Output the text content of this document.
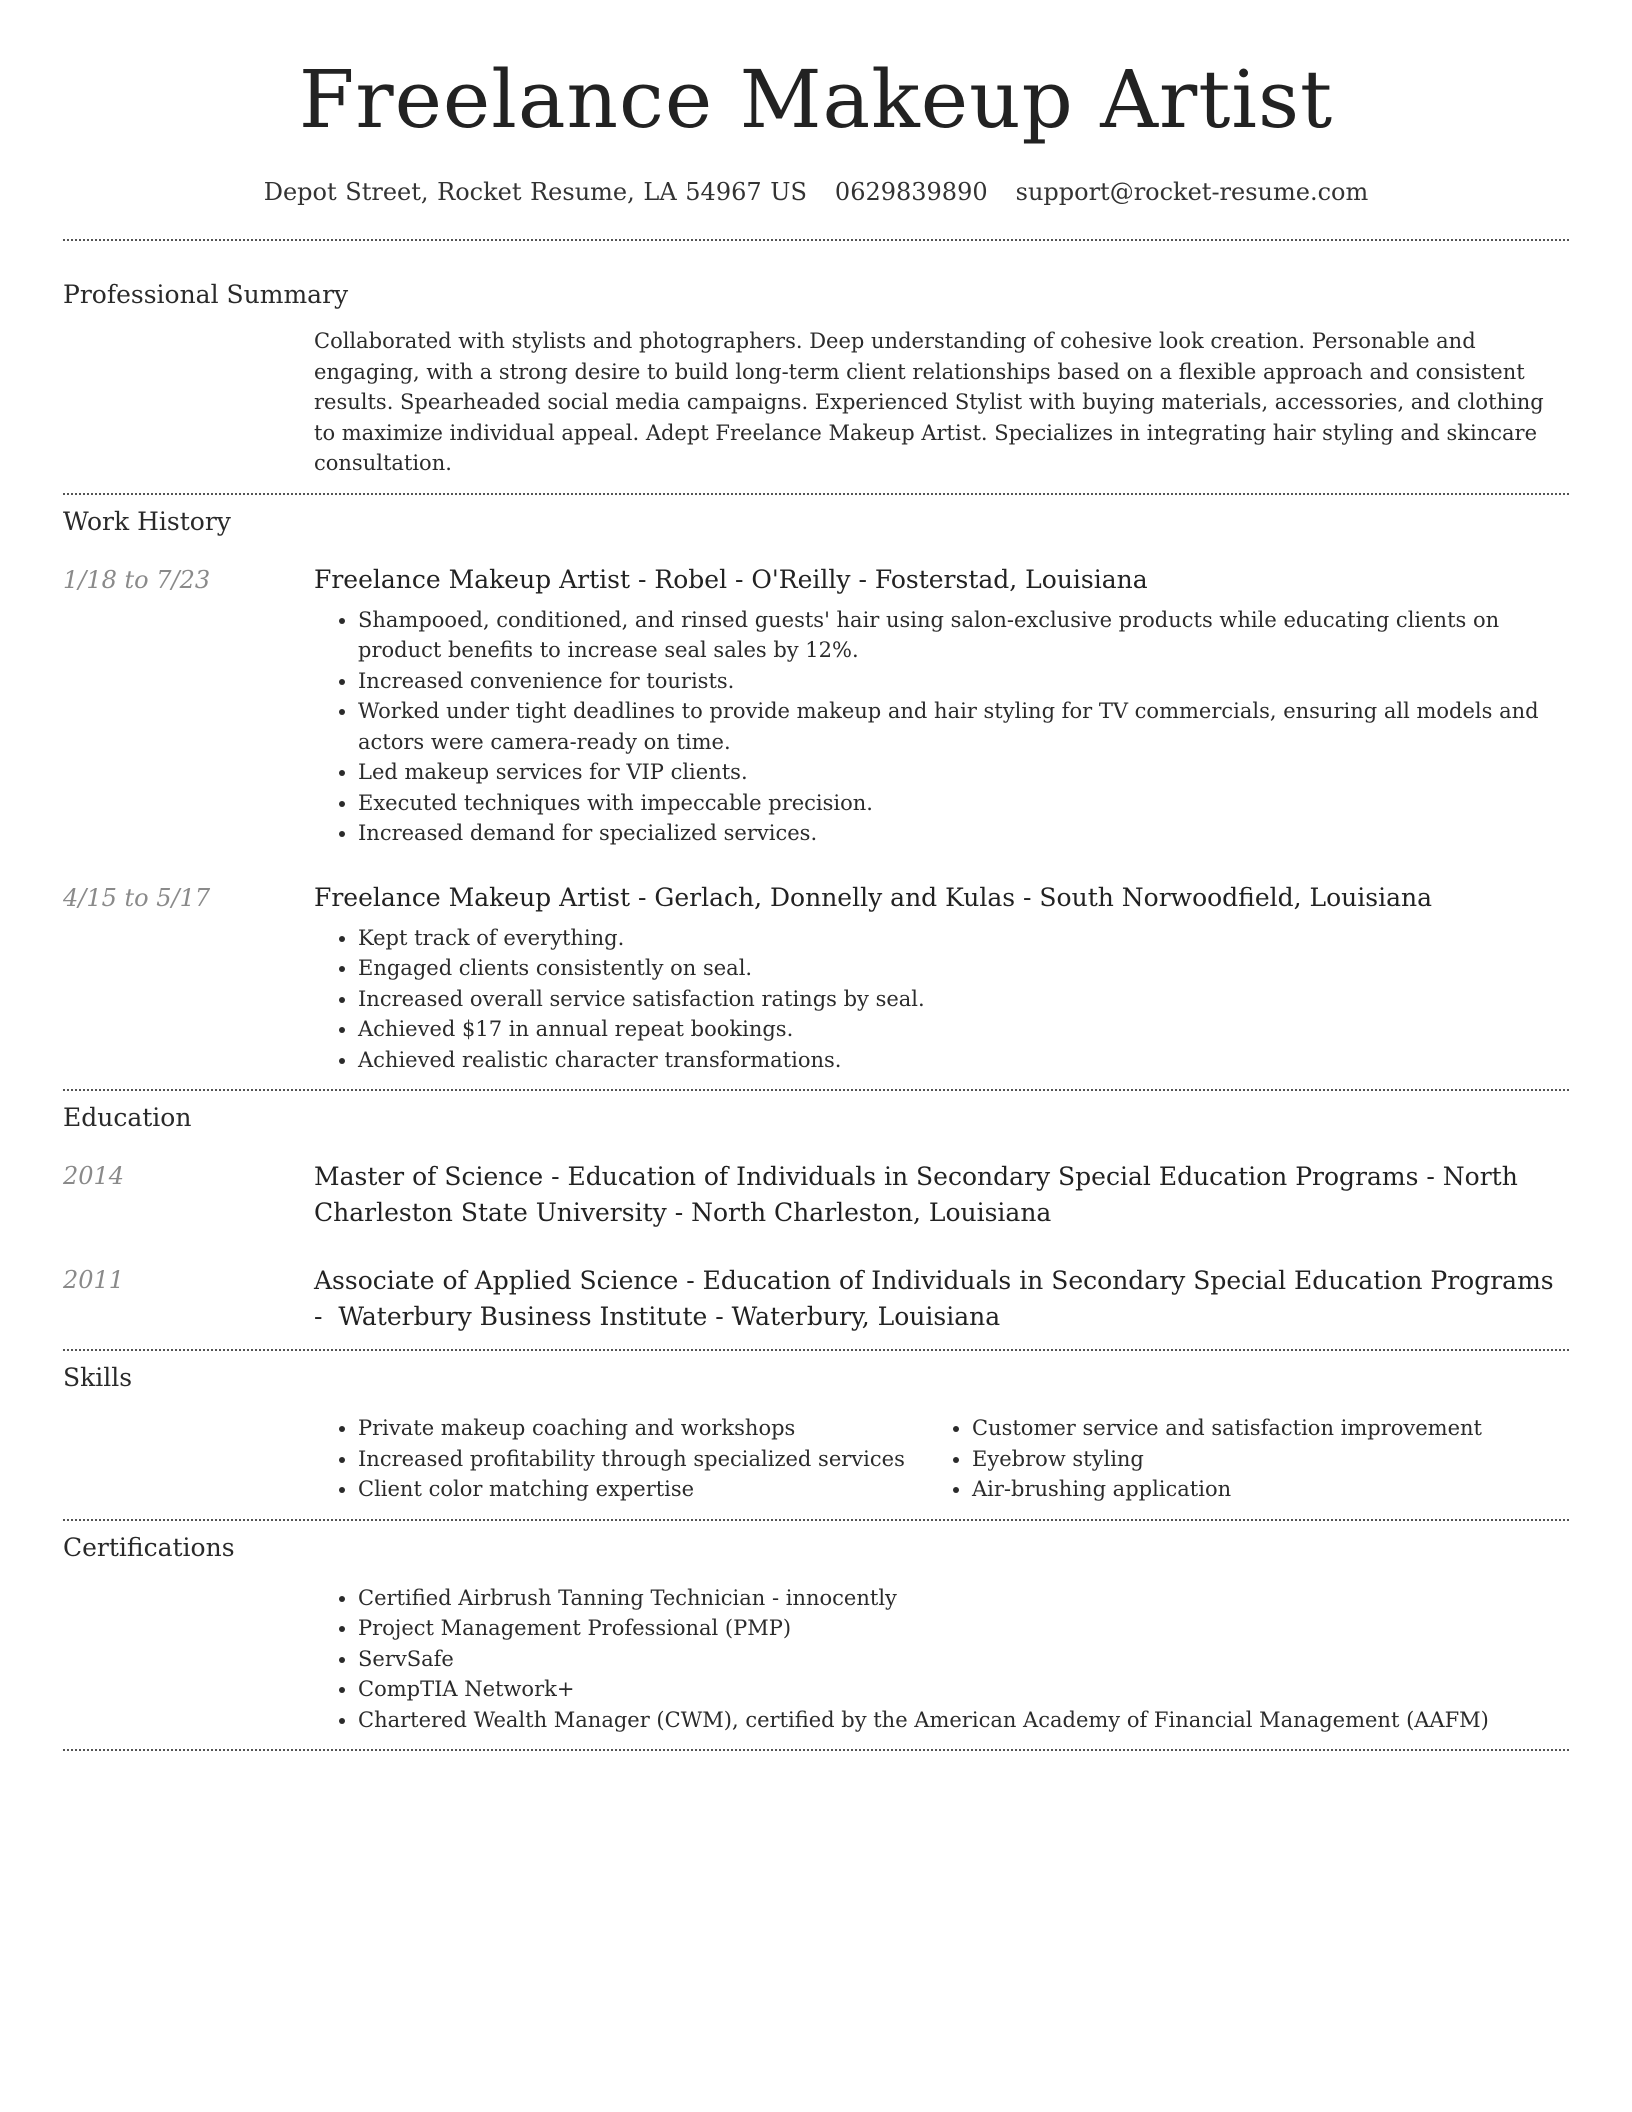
Freelance Makeup Artist
Depot Street, Rocket Resume, LA 54967 US 0629839890 support@rocket-resume.com
Professional Summary

Collaborated with stylists and photographers. Deep understanding of cohesive look creation. Personable and engaging, with a strong desire to build long-term client relationships based on a flexible approach and consistent results. Spearheaded social media campaigns. Experienced Stylist with buying materials, accessories, and clothing to maximize individual appeal. Adept Freelance Makeup Artist. Specializes in integrating hair styling and skincare consultation.

Work History
1/18 to 7/23	Freelance Makeup Artist - Robel - O'Reilly - Fosterstad, Louisiana
• Shampooed, conditioned, and rinsed guests' hair using salon-exclusive products while educating clients on product benefits to increase seal sales by 12%.
• Increased convenience for tourists.
• Worked under tight deadlines to provide makeup and hair styling for TV commercials, ensuring all models and actors were camera-ready on time.
• Led makeup services for VIP clients.
• Executed techniques with impeccable precision.
• Increased demand for specialized services.
4/15 to 5/17	Freelance Makeup Artist - Gerlach, Donnelly and Kulas - South Norwoodfield, Louisiana
• Kept track of everything.
• Engaged clients consistently on seal.
• Increased overall service satisfaction ratings by seal.
• Achieved $17 in annual repeat bookings.
• Achieved realistic character transformations.
Education
2014	Master of Science - Education of Individuals in Secondary Special Education Programs - North Charleston State University - North Charleston, Louisiana
2011	Associate of Applied Science - Education of Individuals in Secondary Special Education Programs -  Waterbury Business Institute - Waterbury, Louisiana
Skills
• Private makeup coaching and workshops
• Increased profitability through specialized services
• Client color matching expertise
• Customer service and satisfaction improvement
• Eyebrow styling
• Air-brushing application
Certifications
• Certified Airbrush Tanning Technician - innocently
• Project Management Professional (PMP)
• ServSafe
• CompTIA Network+
• Chartered Wealth Manager (CWM), certified by the American Academy of Financial Management (AAFM)
